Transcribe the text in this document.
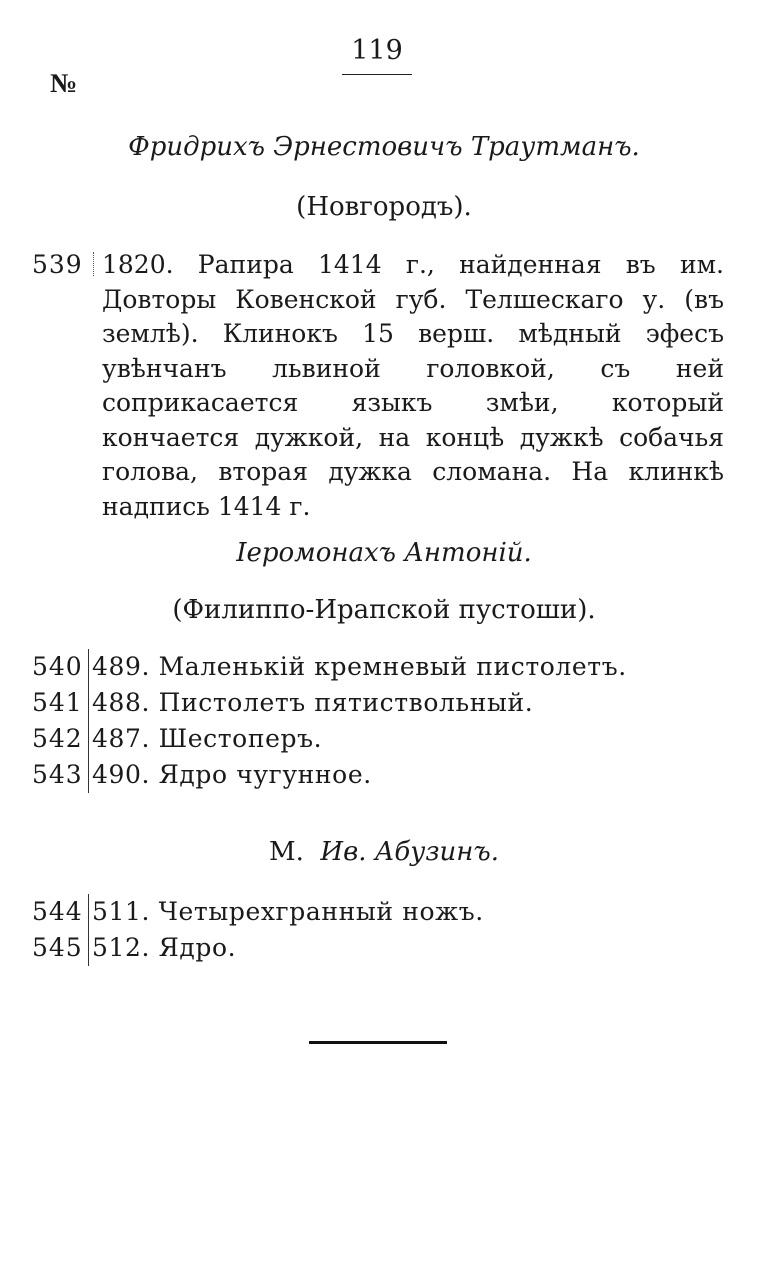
119
№
Фридрихъ Эрнестовичъ Траутманъ.
(Новгородъ).
539 1820. Рапира 1414 г., найденная въ им. Довторы Ковенской губ. Телшескаго у. (въ землѣ). Клинокъ 15 верш. мѣдный эфесъ увѣнчанъ львиной головкой, съ ней соприкасается языкъ змѣи, который кончается дужкой, на концѣ дужкѣ собачья голова, вторая дужка сломана. На клинкѣ надпись 1414 г.
Іеромонахъ Антоній.
(Филиппо-Ирапской пустоши).
540 489. Маленькій кремневый пистолетъ.
541 488. Пистолетъ пятиствольный.
542 487. Шестоперъ.
543 490. Ядро чугунное.
М. Ив. Абузинъ.
544 511. Четырехгранный ножъ.
545 512. Ядро.
